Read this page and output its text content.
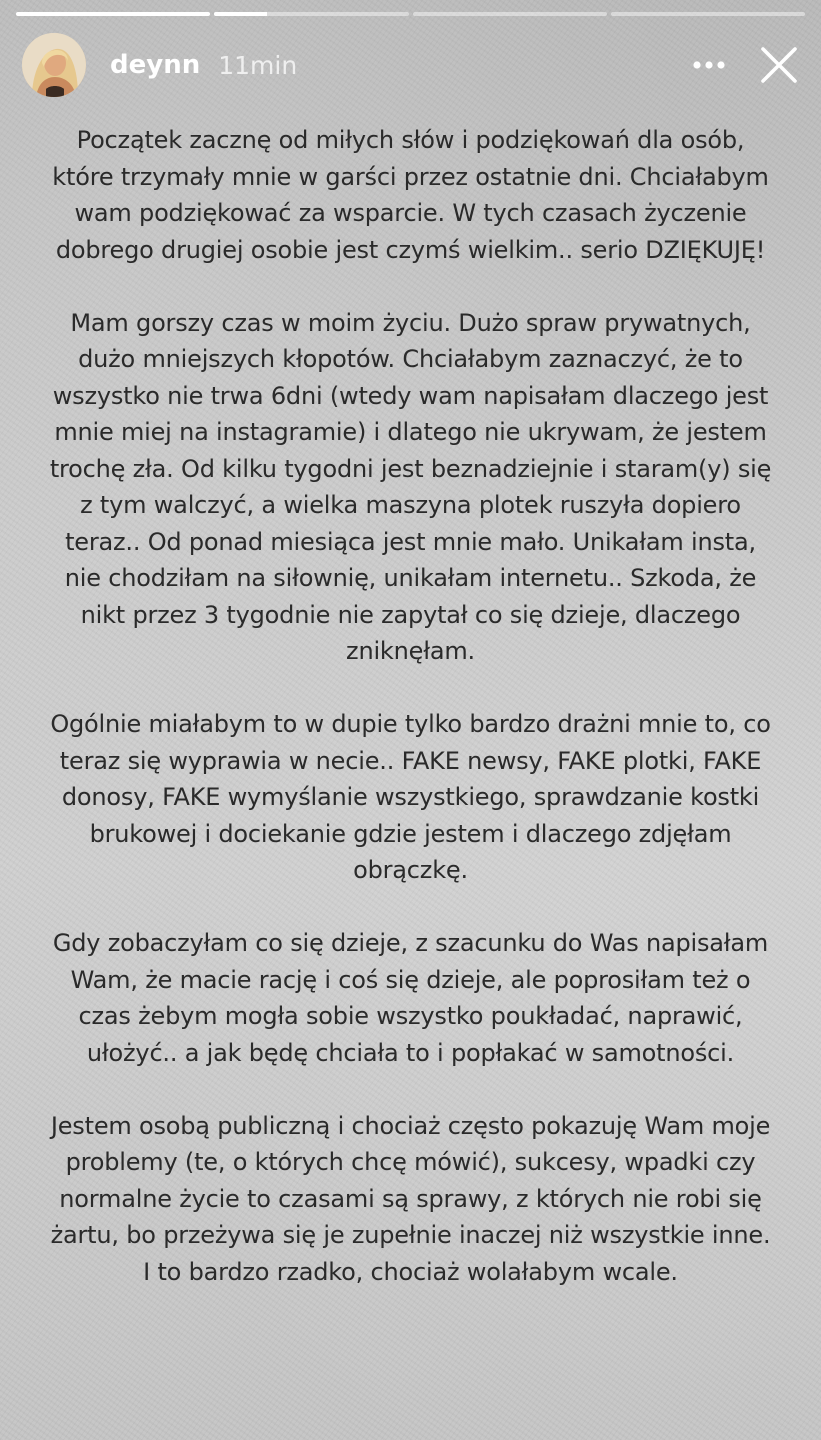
deynn 11min

Początek zacznę od miłych słów i podziękowań dla osób, które trzymały mnie w garści przez ostatnie dni. Chciałabym wam podziękować za wsparcie. W tych czasach życzenie dobrego drugiej osobie jest czymś wielkim.. serio DZIĘKUJĘ!

Mam gorszy czas w moim życiu. Dużo spraw prywatnych, dużo mniejszych kłopotów. Chciałabym zaznaczyć, że to wszystko nie trwa 6dni (wtedy wam napisałam dlaczego jest mnie miej na instagramie) i dlatego nie ukrywam, że jestem trochę zła. Od kilku tygodni jest beznadziejnie i staram(y) się z tym walczyć, a wielka maszyna plotek ruszyła dopiero teraz.. Od ponad miesiąca jest mnie mało. Unikałam insta, nie chodziłam na siłownię, unikałam internetu.. Szkoda, że nikt przez 3 tygodnie nie zapytał co się dzieje, dlaczego zniknęłam.

Ogólnie miałabym to w dupie tylko bardzo drażni mnie to, co teraz się wyprawia w necie.. FAKE newsy, FAKE plotki, FAKE donosy, FAKE wymyślanie wszystkiego, sprawdzanie kostki brukowej i dociekanie gdzie jestem i dlaczego zdjęłam obrączkę.

Gdy zobaczyłam co się dzieje, z szacunku do Was napisałam Wam, że macie rację i coś się dzieje, ale poprosiłam też o czas żebym mogła sobie wszystko poukładać, naprawić, ułożyć.. a jak będę chciała to i popłakać w samotności.

Jestem osobą publiczną i chociaż często pokazuję Wam moje problemy (te, o których chcę mówić), sukcesy, wpadki czy normalne życie to czasami są sprawy, z których nie robi się żartu, bo przeżywa się je zupełnie inaczej niż wszystkie inne. I to bardzo rzadko, chociaż wolałabym wcale.
